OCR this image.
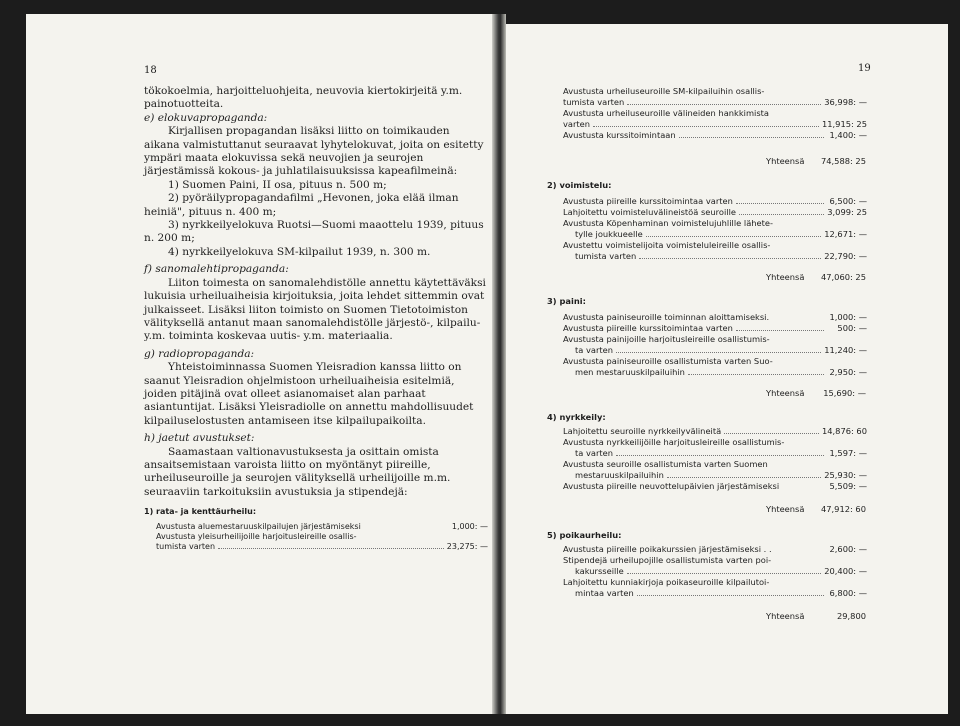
18

tökokoelmia, harjoitteluohjeita, neuvovia kiertokirjeitä y.m. painotuotteita.

e) elokuvapropaganda:

Kirjallisen propagandan lisäksi liitto on toimikauden aikana valmistuttanut seuraavat lyhytelokuvat, joita on esitetty ympäri maata elokuvissa sekä neuvojien ja seurojen järjestämissä kokous- ja juhlatilaisuuksissa kapeafilmeinä:

1) Suomen Paini, II osa, pituus n. 500 m;

2) pyöräilypropagandafilmi „Hevonen, joka elää ilman heiniä", pituus n. 400 m;

3) nyrkkeilyelokuva Ruotsi—Suomi maaottelu 1939, pituus n. 200 m;

4) nyrkkeilyelokuva SM-kilpailut 1939, n. 300 m.

f) sanomalehtipropaganda:

Liiton toimesta on sanomalehdistölle annettu käytettäväksi lukuisia urheiluaiheisia kirjoituksia, joita lehdet sittemmin ovat julkaisseet. Lisäksi liiton toimisto on Suomen Tietotoimiston välityksellä antanut maan sanomalehdistölle järjestö-, kilpailu- y.m. toiminta koskevaa uutis- y.m. materiaalia.

g) radiopropaganda:

Yhteistoiminnassa Suomen Yleisradion kanssa liitto on saanut Yleisradion ohjelmistoon urheiluaiheisia esitelmiä, joiden pitäjinä ovat olleet asianomaiset alan parhaat asiantuntijat. Lisäksi Yleisradiolle on annettu mahdollisuudet kilpailuselostusten antamiseen itse kilpailupaikoilta.

h) jaetut avustukset:

Saamastaan valtionavustuksesta ja osittain omista ansaitsemistaan varoista liitto on myöntänyt piireille, urheiluseuroille ja seurojen välityksellä urheilijoille m.m. seuraaviin tarkoituksiin avustuksia ja stipendejä:

1) rata- ja kenttäurheilu:

Avustusta aluemestaruuskilpailujen järjestämiseksi	1,000: —
Avustusta yleisurheilijoille harjoitusleireille osallis-
tumista varten	23,275: —
19
Avustusta urheiluseuroille SM-kilpailuihin osallis-
tumista varten	36,998: —
Avustusta urheiluseuroille välineiden hankkimista
varten	11,915: 25
Avustusta kurssitoimintaan	1,400: —
Yhteensä 74,588: 25
2) voimistelu:
Avustusta piireille kurssitoimintaa varten	6,500: —
Lahjoitettu voimisteluvälineistöä seuroille	3,099: 25
Avustusta Köpenhaminan voimistelujuhlille lähete-
tylle joukkueelle	12,671: —
Avustettu voimistelijoita voimisteluleireille osallis-
tumista varten	22,790: —
Yhteensä 47,060: 25
3) paini:
Avustusta painiseuroille toiminnan aloittamiseksi.	1,000: —
Avustusta piireille kurssitoimintaa varten	500: —
Avustusta painijoille harjoitusleireille osallistumis-
ta varten	11,240: —
Avustusta painiseuroille osallistumista varten Suo-
men mestaruuskilpailuihin	2,950: —
Yhteensä 15,690: —
4) nyrkkeily:
Lahjoitettu seuroille nyrkkeilyvälineitä	14,876: 60
Avustusta nyrkkeilijöille harjoitusleireille osallistumis-
ta varten	1,597: —
Avustusta seuroille osallistumista varten Suomen
mestaruuskilpailuihin	25,930: —
Avustusta piireille neuvottelupäivien järjestämiseksi	5,509: —
Yhteensä 47,912: 60
5) poikaurheilu:
Avustusta piireille poikakurssien järjestämiseksi . .	2,600: —
Stipendejä urheilupojille osallistumista varten poi-
kakursseille	20,400: —
Lahjoitettu kunniakirjoja poikaseuroille kilpailutoi-
mintaa varten	6,800: —
Yhteensä	29,800
